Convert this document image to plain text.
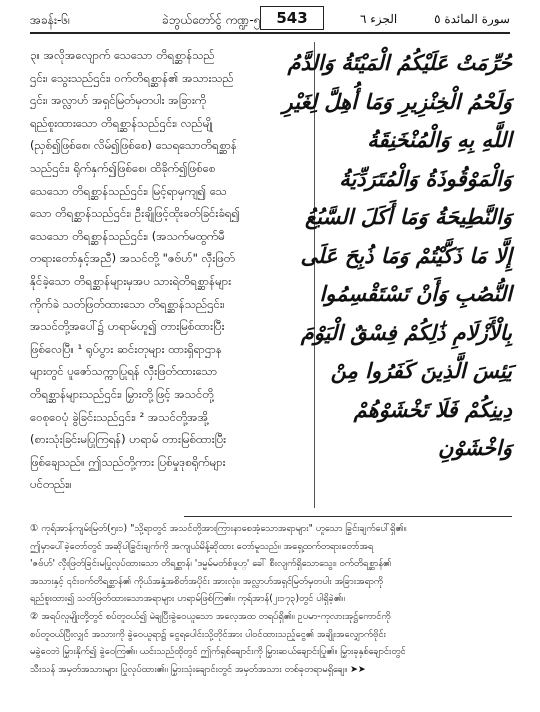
အခန်း-၆၊	ခဲဘွယ်တော်ငွ် ကဏ္ဍ-၅	543	الجزء ٦	سورة المائدة ٥
၃။ အလိုအလျောက် သေသော တိရစ္ဆာန်သည်
ဌင်း၊ သွေးသည်ဌင်း၊ ဝက်တိရစ္ဆာန်၏ အသားသည်
ဌင်း၊ အလ္လာဟ် အရှင်မြတ်မှတပါး အခြားကို
ရည်စူးထားသော တိရစ္ဆာန်သည်ဌင်း၊ လည်မျို
(ညှစ်၍ဖြစ်စေ၊ လိမ်၍ဖြစ်စေ) သေရသောတိရစ္ဆာန်
သည်ဌင်း၊ ရိုက်နှက်၍ဖြစ်စေ၊ ထိခိုက်၍ဖြစ်စေ
သေသော တိရစ္ဆာန်သည်ဌင်း၊ မြင့်ရာမှကျ၍ သေ
သော တိရစ္ဆာန်သည်ဌင်း၊ ဦးချိုဖြင့်ထိုးခတ်ခြင်းခံရ၍
သေသော တိရစ္ဆာန်သည်ဌင်း၊ (အသက်မထွက်မီ
တရားတော်နှင့်အညီ) အသင်တို့ "ဇဗ်ဟ်" လှီးဖြတ်
နိုင်ခဲ့သော တိရစ္ဆာန်များမှအပ သားရဲတိရစ္ဆာန်များ
ကိုက်ခဲ သတ်ဖြတ်ထားသော တိရစ္ဆာန်သည်ဌင်း၊
အသင်တို့အပေါ်၌ ဟရာမ်ဟူ၍ တားမြစ်ထားပြီး
ဖြစ်လေပြီ။ ¹ ရုပ်ပွား ဆင်းတုများ ထားရှိရာဌာန
များတွင် ပူဇော်သက္ကာပြုရန် လှီးဖြတ်ထားသော
တိရစ္ဆာန်များသည်ဌင်း၊ မြှားတို့ဖြင့် အသင်တို့
ဝေစုဝေပုံ ခွဲခြင်းသည်ဌင်း၊ ² အသင်တို့အအို့
(စားသုံးခြင်းမပြုကြရန်) ဟရာမ် တားမြစ်ထားပြီး
ဖြစ်ချေသည်။ ဤသည်တို့ကား ပြစ်မှုဒုစရိုက်များ
ပင်တည်း။
حُرِّمَتْ عَلَيْكُمُ الْمَيْتَةُ وَالدَّمُ
وَلَحْمُ الْخِنْزِيرِ وَمَا أُهِلَّ لِغَيْرِ
اللَّهِ بِهِ وَالْمُنْخَنِقَةُ
وَالْمَوْقُوذَةُ وَالْمُتَرَدِّيَةُ
وَالنَّطِيحَةُ وَمَا أَكَلَ السَّبُعُ
إِلَّا مَا ذَكَّيْتُمْ وَمَا ذُبِحَ عَلَى
النُّصُبِ وَأَنْ تَسْتَقْسِمُوا
بِالْأَزْلَامِ ذَٰلِكُمْ فِسْقٌ الْيَوْمَ
يَئِسَ الَّذِينَ كَفَرُوا مِنْ
دِينِكُمْ فَلَا تَخْشَوْهُمْ
وَاخْشَوْنِ
① ကုရ်အာန်ကျမ်းမြတ်(၅း၁) "သို့ရာတွင် အသင်တို့အားကြားနာစေအံ့သောအရာများ" ဟူသော ခြွင်းချက်ပေါ်ရှိ၏။
ဤမှာပေါ်ခဲ့တော်တွင် အဆိုပါခြွင်းချက်ကို အကျယ်မိန့်ဆိုထား တော်မူသည်။ အရှေ့ထက်တရားတော်အရ
'ဇဗ်ဟ်' လှီးဖြတ်ခြင်းမပြုလုပ်ထားသော တိရစ္ဆာန်၊ 'ဒမ္မမ်မတ်စ်ဖူဟ္' ခေါ် စီးလျက်ရှိသောသွေး၊ ဝက်တိရစ္ဆာန်၏
အသားနှင့် ၎င်းဝက်တိရစ္ဆာန်၏ ကိုယ်အနှံ့အစိတ်အပိုင်း အားလုံး၊ အလ္လာဟ်အရှင်မြတ်မှတပါး အခြားအရာကို
ရည်စူးထား၍ သတ်ဖြတ်ထားသောအရာများ ဟရာမ်ဖြစ်ကြ၏။ ကုရ်အာန်(၂း၁၇၃)တွင် ပါရှိခဲ့၏။
② အရပ်လူမျိုးတို့တွင် စပ်တူဝယ်၍ မဲချပြီးခွဲဝေယူသော အလေ့အထ တရပ်ရှိ၏။ ဥပမာ-ကုလားအုဋ္ဌ်ကောင်ကို
စပ်တူဝယ်ပြီးလျှင် အသားကို ခွဲဝေယူရာ၌ ငွေရပေါင်းသို့တိုင်အား ပါဝင်ထားသည့်ငွေ၏ အချိုးအလျှောက်ဗိုင်း
မခွဲဝေဘဲ မြှားနိုက်၍ ခွဲဝေကြ၏။ ယင်းသည်ထိုတွင် ဤက်ရှစ်ချောင်းကို မြှားဆယ်ချောင်းပြု၏။ မြှားခုနှစ်ချောင်းတွင်
သီးသန် အမှတ်အသားများ ပြုလုပ်ထား၏။ မြှားသုံးချောင်းတွင် အမှတ်အသား တစ်ခုတရာမရှိချေ။ ➤➤
